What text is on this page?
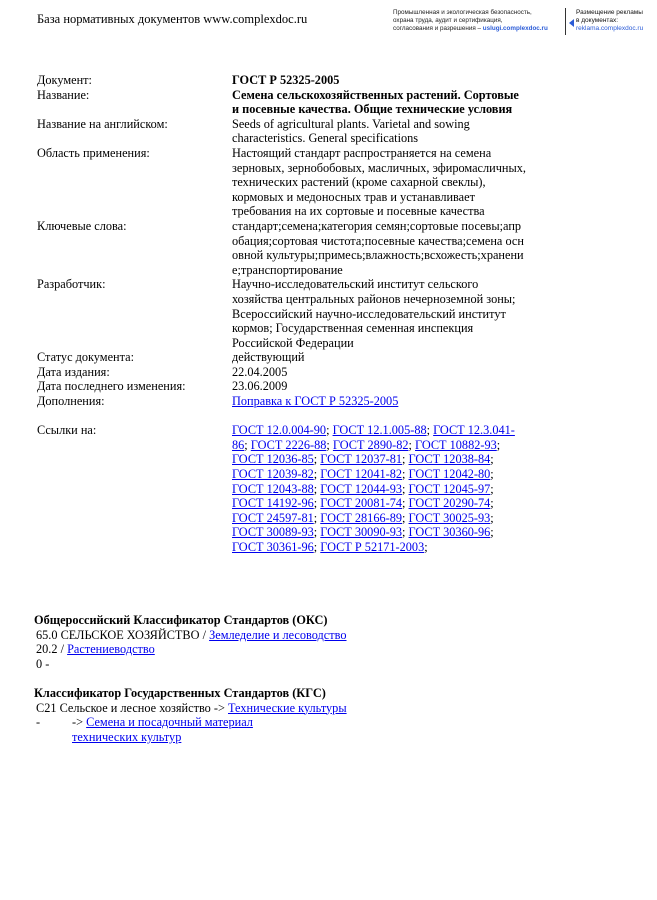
База нормативных документов www.complexdoc.ru	Промышленная и экологическая безопасность,
охрана труда, аудит и сертификация,
согласования и разрешения – uslugi.complexdoc.ru
Размещение рекламы
в документах:
reklama.complexdoc.ru
Документ:	ГОСТ Р 52325-2005
Название:	Семена сельскохозяйственных растений. Сортовые и посевные качества. Общие технические условия
Название на английском:	Seeds of agricultural plants. Varietal and sowing characteristics. General specifications
Область применения:	Настоящий стандарт распространяется на семена зерновых, зернобобовых, масличных, эфиромасличных, технических растений (кроме сахарной свеклы), кормовых и медоносных трав и устанавливает требования на их сортовые и посевные качества
Ключевые слова:	стандарт;семена;категория семян;сортовые посевы;апробация;сортовая чистота;посевные качества;семена основной культуры;примесь;влажность;всхожесть;хранение;транспортирование
Разработчик:	Научно-исследовательский институт сельского хозяйства центральных районов нечерноземной зоны; Всероссийский научно-исследовательский институт кормов; Государственная семенная инспекция Российской Федерации
Статус документа:	действующий
Дата издания:	22.04.2005
Дата последнего изменения:	23.06.2009
Дополнения:	Поправка к ГОСТ Р 52325-2005

Ссылки на:	ГОСТ 12.0.004-90; ГОСТ 12.1.005-88; ГОСТ 12.3.041-86; ГОСТ 2226-88; ГОСТ 2890-82; ГОСТ 10882-93; ГОСТ 12036-85; ГОСТ 12037-81; ГОСТ 12038-84; ГОСТ 12039-82; ГОСТ 12041-82; ГОСТ 12042-80; ГОСТ 12043-88; ГОСТ 12044-93; ГОСТ 12045-97; ГОСТ 14192-96; ГОСТ 20081-74; ГОСТ 20290-74; ГОСТ 24597-81; ГОСТ 28166-89; ГОСТ 30025-93; ГОСТ 30089-93; ГОСТ 30090-93; ГОСТ 30360-96; ГОСТ 30361-96; ГОСТ Р 52171-2003;
Общероссийский Классификатор Стандартов (ОКС)
65.0 СЕЛЬСКОЕ ХОЗЯЙСТВО / Земледелие и лесоводство
20.2 / Растениеводство
0 -
Классификатор Государственных Стандартов (КГС)
С21 Сельское и лесное хозяйство -> Технические культуры
-	-> Семена и посадочный материал технических культур
